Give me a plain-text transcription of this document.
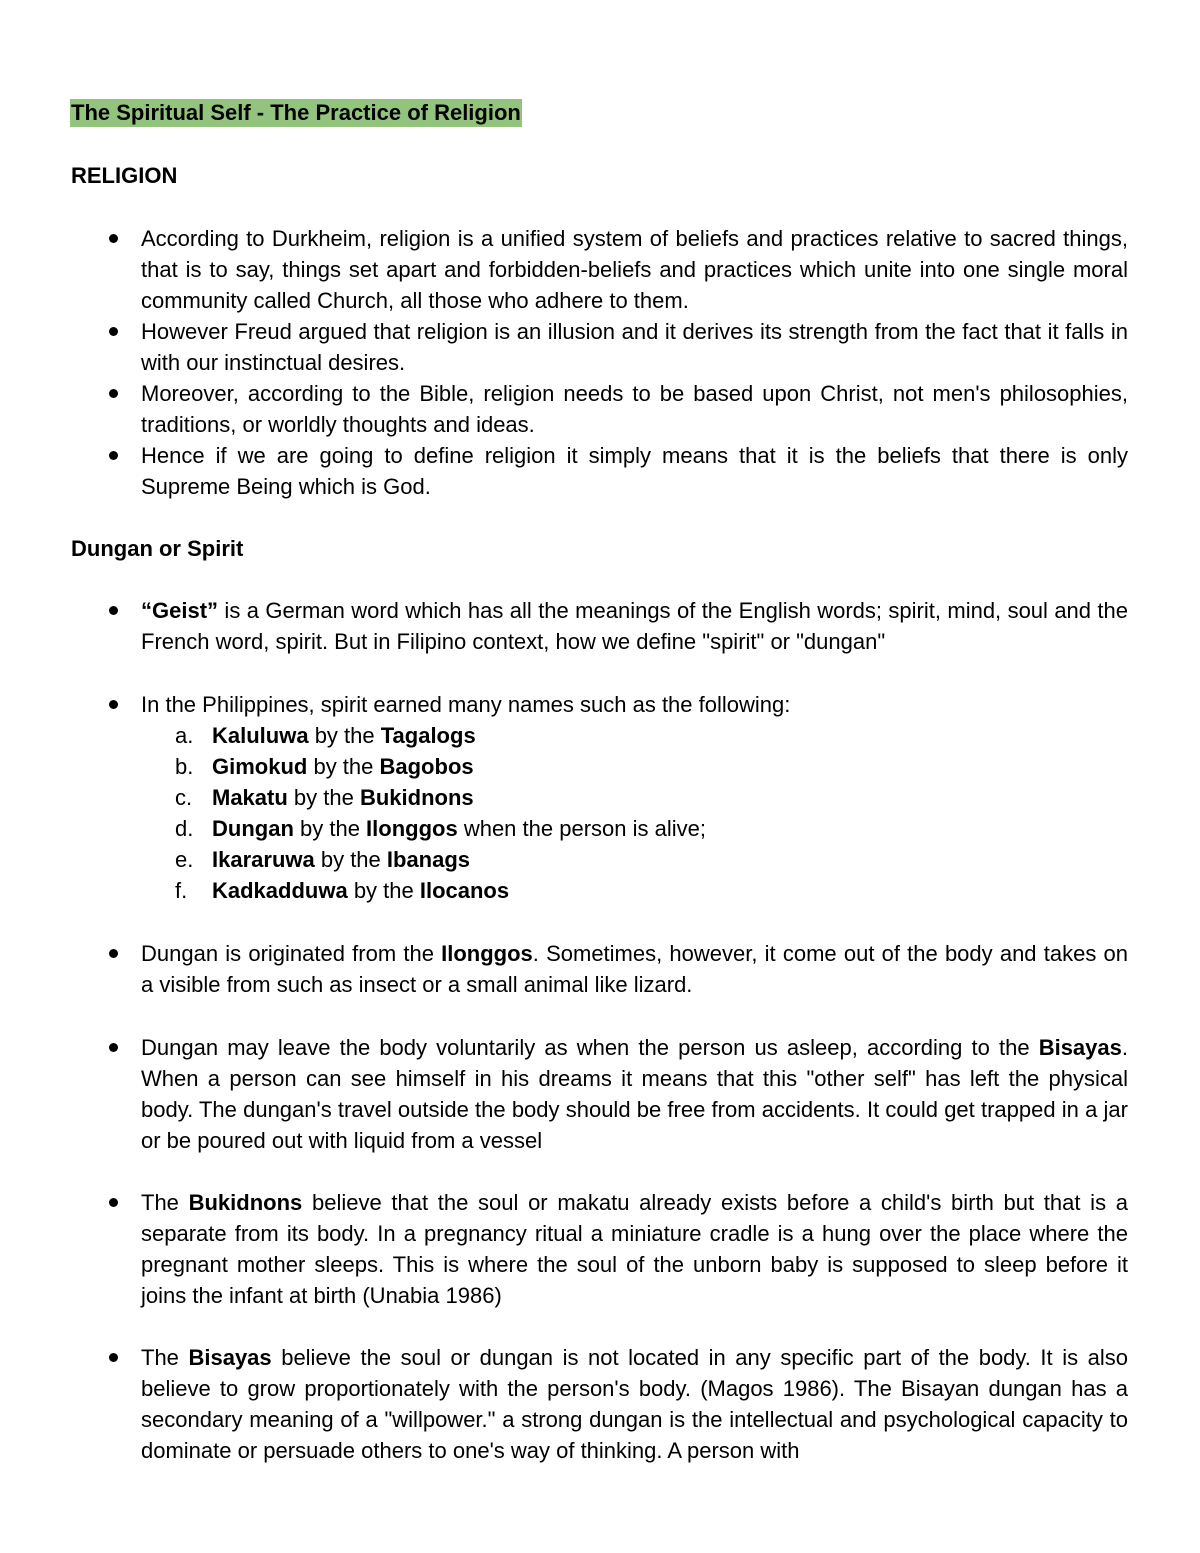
The Spiritual Self - The Practice of Religion
RELIGION

According to Durkheim, religion is a unified system of beliefs and practices relative to sacred things, that is to say, things set apart and forbidden-beliefs and practices which unite into one single moral community called Church, all those who adhere to them.

However Freud argued that religion is an illusion and it derives its strength from the fact that it falls in with our instinctual desires.

Moreover, according to the Bible, religion needs to be based upon Christ, not men's philosophies, traditions, or worldly thoughts and ideas.

Hence if we are going to define religion it simply means that it is the beliefs that there is only Supreme Being which is God.

Dungan or Spirit

“Geist” is a German word which has all the meanings of the English words; spirit, mind, soul and the French word, spirit. But in Filipino context, how we define "spirit" or "dungan"

In the Philippines, spirit earned many names such as the following:

a. Kaluluwa by the Tagalogs
b. Gimokud by the Bagobos
c. Makatu by the Bukidnons
d. Dungan by the Ilonggos when the person is alive;
e. Ikararuwa by the Ibanags
f. Kadkadduwa by the Ilocanos

Dungan is originated from the Ilonggos. Sometimes, however, it come out of the body and takes on a visible from such as insect or a small animal like lizard.

Dungan may leave the body voluntarily as when the person us asleep, according to the Bisayas. When a person can see himself in his dreams it means that this "other self" has left the physical body. The dungan's travel outside the body should be free from accidents. It could get trapped in a jar or be poured out with liquid from a vessel

The Bukidnons believe that the soul or makatu already exists before a child's birth but that is a separate from its body. In a pregnancy ritual a miniature cradle is a hung over the place where the pregnant mother sleeps. This is where the soul of the unborn baby is supposed to sleep before it joins the infant at birth (Unabia 1986)

The Bisayas believe the soul or dungan is not located in any specific part of the body. It is also believe to grow proportionately with the person's body. (Magos 1986). The Bisayan dungan has a secondary meaning of a "willpower." a strong dungan is the intellectual and psychological capacity to dominate or persuade others to one's way of thinking. A person with
